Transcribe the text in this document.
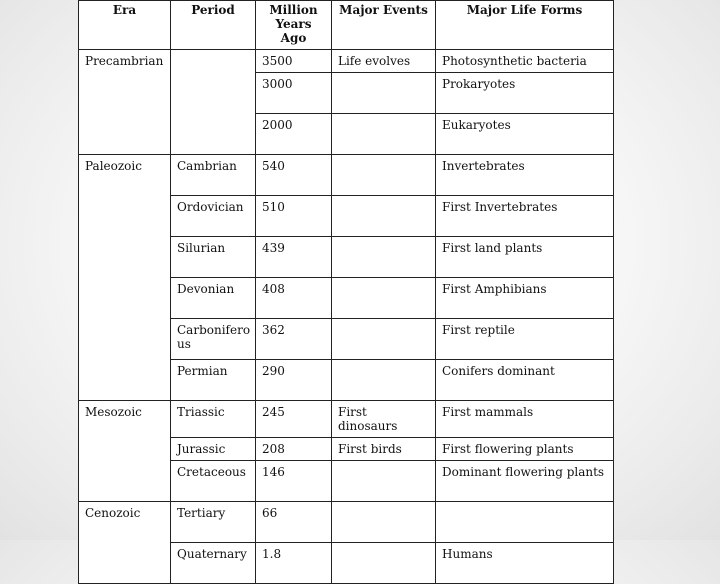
Era	Period	Million Years Ago	Major Events	Major Life Forms
Precambrian		3500	Life evolves	Photosynthetic bacteria
		3000		Prokaryotes
		2000		Eukaryotes
Paleozoic	Cambrian	540		Invertebrates
	Ordovician	510		First Invertebrates
	Silurian	439		First land plants
	Devonian	408		First Amphibians
	Carbonifero us	362		First reptile
	Permian	290		Conifers dominant
Mesozoic	Triassic	245	First dinosaurs	First mammals
	Jurassic	208	First birds	First flowering plants
	Cretaceous	146		Dominant flowering plants
Cenozoic	Tertiary	66		
	Quaternary	1.8		Humans
